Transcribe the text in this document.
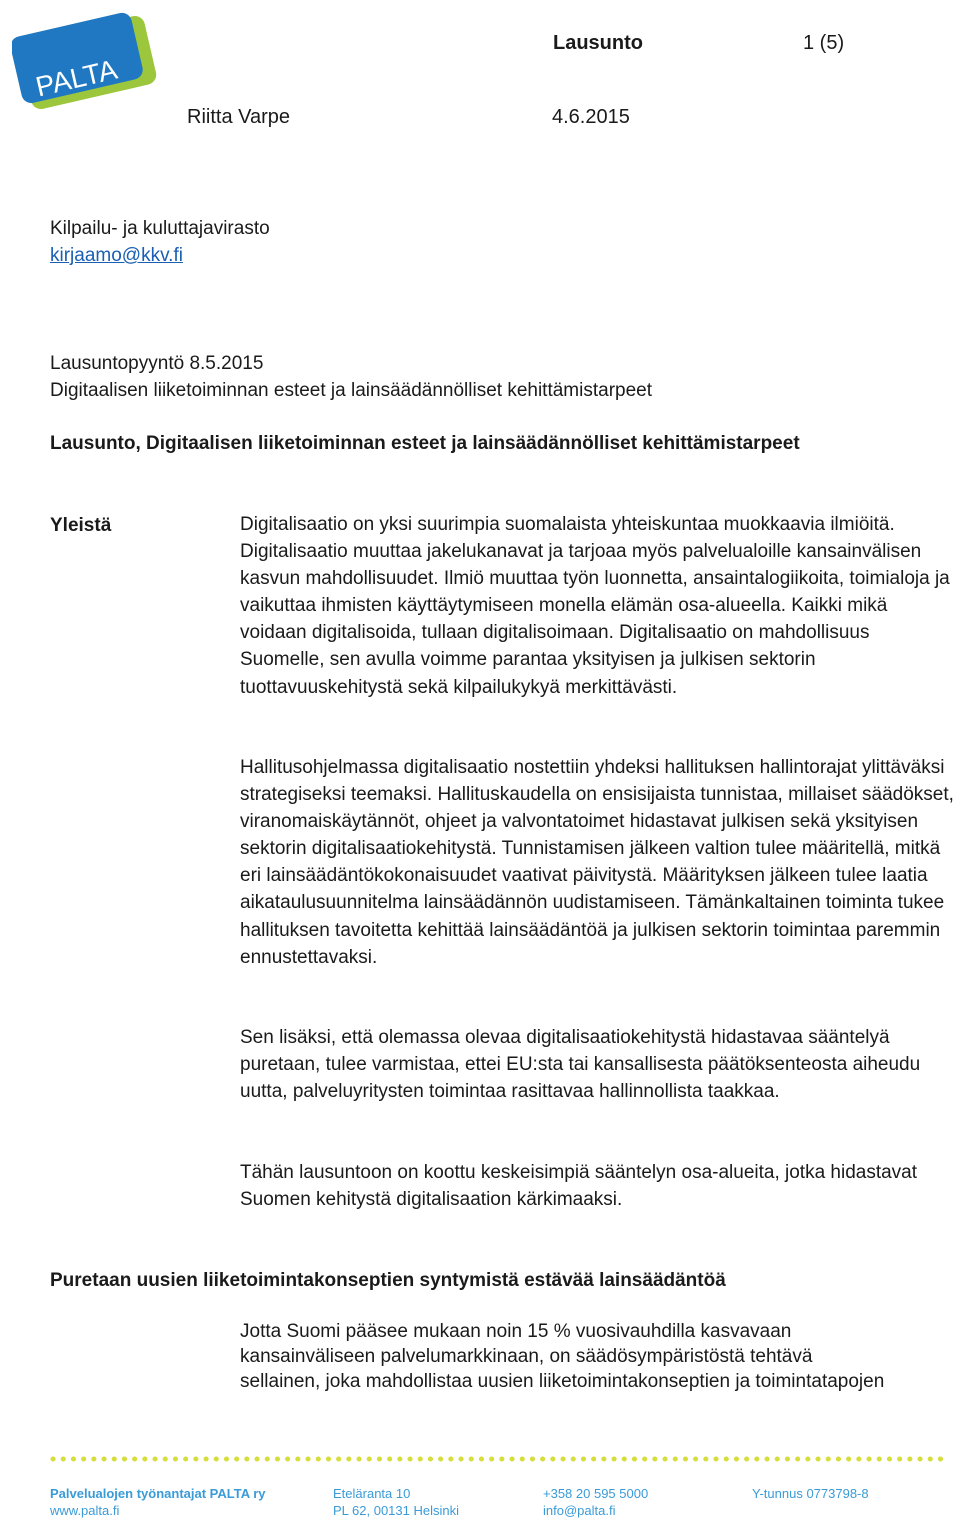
PALTA
Lausunto	1 (5)
Riitta Varpe	4.6.2015
Kilpailu- ja kuluttajavirasto
kirjaamo@kkv.fi
Lausuntopyyntö 8.5.2015
Digitaalisen liiketoiminnan esteet ja lainsäädännölliset kehittämistarpeet
Lausunto, Digitaalisen liiketoiminnan esteet ja lainsäädännölliset kehittämistarpeet
Yleistä	Digitalisaatio on yksi suurimpia suomalaista yhteiskuntaa muokkaavia ilmiöitä. Digitalisaatio muuttaa jakelukanavat ja tarjoaa myös palvelualoille kansainvälisen kasvun mahdollisuudet. Ilmiö muuttaa työn luonnetta, ansaintalogiikoita, toimialoja ja vaikuttaa ihmisten käyttäytymiseen monella elämän osa-alueella. Kaikki mikä voidaan digitalisoida, tullaan digitalisoimaan. Digitalisaatio on mahdollisuus Suomelle, sen avulla voimme parantaa yksityisen ja julkisen sektorin tuottavuuskehitystä sekä kilpailukykyä merkittävästi.

Hallitusohjelmassa digitalisaatio nostettiin yhdeksi hallituksen hallintorajat ylittäväksi strategiseksi teemaksi. Hallituskaudella on ensisijaista tunnistaa, millaiset säädökset, viranomaiskäytännöt, ohjeet ja valvontatoimet hidastavat julkisen sekä yksityisen sektorin digitalisaatiokehitystä. Tunnistamisen jälkeen valtion tulee määritellä, mitkä eri lainsäädäntökokonaisuudet vaativat päivitystä. Määrityksen jälkeen tulee laatia aikataulusuunnitelma lainsäädännön uudistamiseen. Tämänkaltainen toiminta tukee hallituksen tavoitetta kehittää lainsäädäntöä ja julkisen sektorin toimintaa paremmin ennustettavaksi.

Sen lisäksi, että olemassa olevaa digitalisaatiokehitystä hidastavaa sääntelyä puretaan, tulee varmistaa, ettei EU:sta tai kansallisesta päätöksenteosta aiheudu uutta, palveluyritysten toimintaa rasittavaa hallinnollista taakkaa.

Tähän lausuntoon on koottu keskeisimpiä sääntelyn osa-alueita, jotka hidastavat Suomen kehitystä digitalisaation kärkimaaksi.

Puretaan uusien liiketoimintakonseptien syntymistä estävää lainsäädäntöä
Jotta Suomi pääsee mukaan noin 15 % vuosivauhdilla kasvavaan
kansainväliseen palvelumarkkinaan, on säädösympäristöstä tehtävä
sellainen, joka mahdollistaa uusien liiketoimintakonseptien ja toimintatapojen
Palvelualojen työnantajat PALTA ry
www.palta.fi
Eteläranta 10
PL 62, 00131 Helsinki
+358 20 595 5000
info@palta.fi
Y-tunnus 0773798-8
